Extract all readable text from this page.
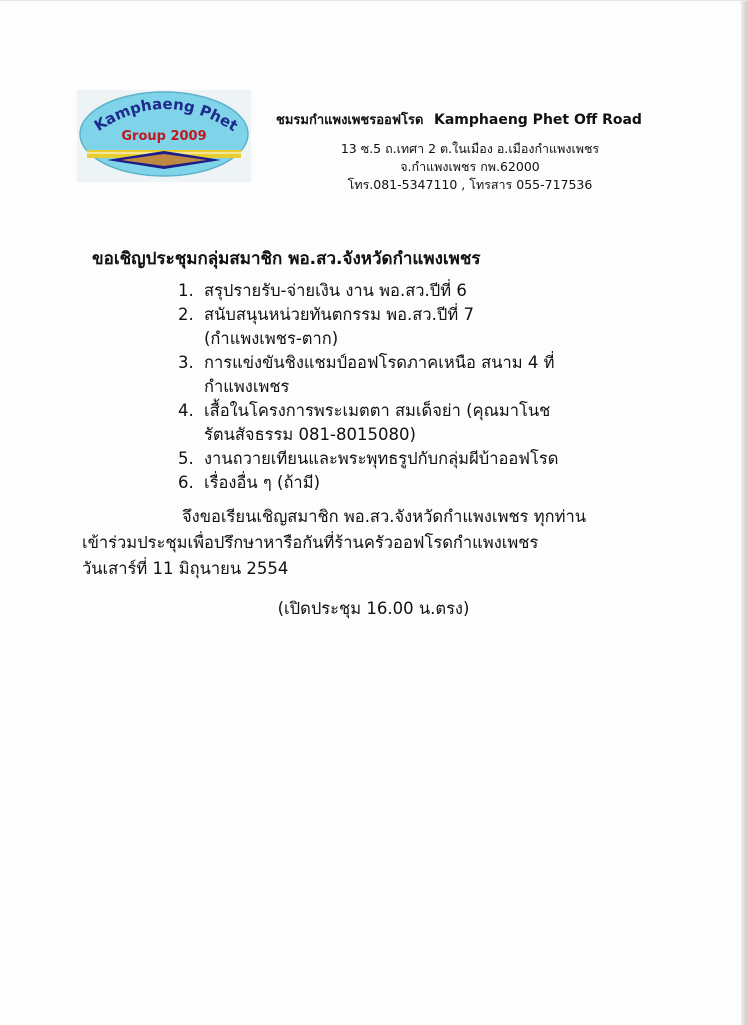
Kamphaeng Phet
Group 2009
ชมรมกำแพงเพชรออฟโรด Kamphaeng Phet Off Road
13 ซ.5 ถ.เทศา 2 ต.ในเมือง อ.เมืองกำแพงเพชร
จ.กำแพงเพชร กพ.62000
โทร.081-5347110 , โทรสาร 055-717536
ขอเชิญประชุมกลุ่มสมาชิก พอ.สว.จังหวัดกำแพงเพชร
1. สรุปรายรับ-จ่ายเงิน งาน พอ.สว.ปีที่ 6
2. สนับสนุนหน่วยทันตกรรม พอ.สว.ปีที่ 7
(กำแพงเพชร-ตาก)
3. การแข่งขันชิงแชมป์ออฟโรดภาคเหนือ สนาม 4 ที่
กำแพงเพชร
4. เสื้อในโครงการพระเมตตา สมเด็จย่า (คุณมาโนช
รัตนสัจธรรม 081-8015080)
5. งานถวายเทียนและพระพุทธรูปกับกลุ่มผีบ้าออฟโรด
6. เรื่องอื่น ๆ (ถ้ามี)
จึงขอเรียนเชิญสมาชิก พอ.สว.จังหวัดกำแพงเพชร ทุกท่าน
เข้าร่วมประชุมเพื่อปรึกษาหารือกันที่ร้านครัวออฟโรดกำแพงเพชร
วันเสาร์ที่ 11 มิถุนายน 2554
(เปิดประชุม 16.00 น.ตรง)
